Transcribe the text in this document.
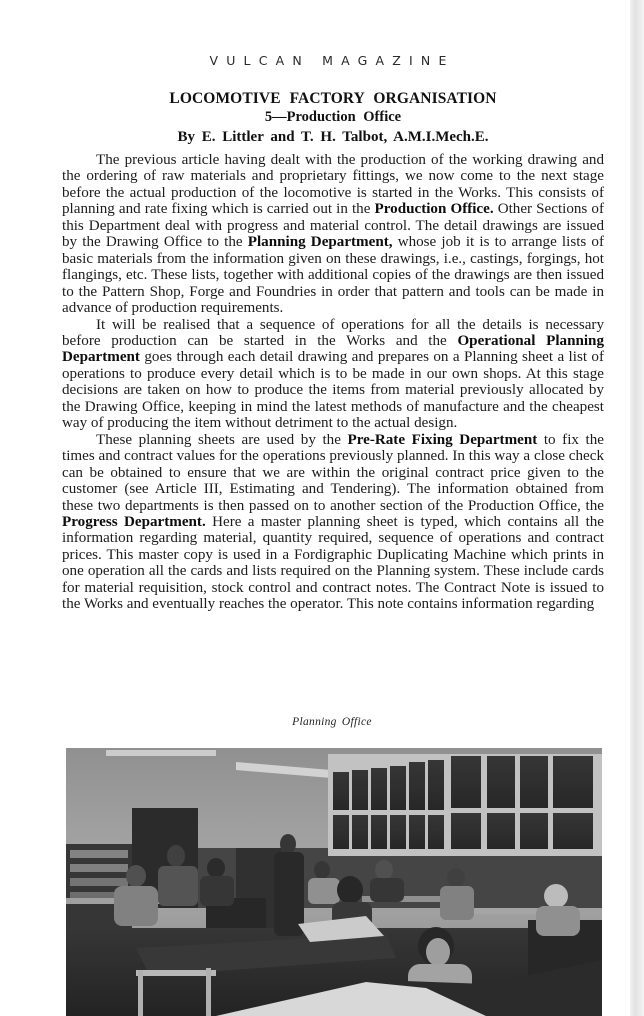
VULCAN MAGAZINE
LOCOMOTIVE FACTORY ORGANISATION
5—Production Office
By E. Littler and T. H. Talbot, A.M.I.Mech.E.

The previous article having dealt with the production of the working drawing and the ordering of raw materials and proprietary fittings, we now come to the next stage before the actual production of the locomotive is started in the Works. This consists of planning and rate fixing which is carried out in the Production Office. Other Sections of this Department deal with progress and material control. The detail drawings are issued by the Drawing Office to the Planning Department, whose job it is to arrange lists of basic materials from the information given on these drawings, i.e., castings, forgings, hot flangings, etc. These lists, together with additional copies of the drawings are then issued to the Pattern Shop, Forge and Foundries in order that pattern and tools can be made in advance of production requirements.

It will be realised that a sequence of operations for all the details is necessary before production can be started in the Works and the Operational Planning Department goes through each detail drawing and prepares on a Planning sheet a list of operations to produce every detail which is to be made in our own shops. At this stage decisions are taken on how to produce the items from material previously allocated by the Drawing Office, keeping in mind the latest methods of manufacture and the cheapest way of producing the item without detriment to the actual design.

These planning sheets are used by the Pre-Rate Fixing Department to fix the times and contract values for the operations previously planned. In this way a close check can be obtained to ensure that we are within the original contract price given to the customer (see Article III, Estimating and Tendering). The information obtained from these two departments is then passed on to another section of the Production Office, the Progress Department. Here a master planning sheet is typed, which contains all the information regarding material, quantity required, sequence of operations and contract prices. This master copy is used in a Fordigraphic Duplicating Machine which prints in one operation all the cards and lists required on the Planning system. These include cards for material requisition, stock control and contract notes. The Contract Note is issued to the Works and eventually reaches the operator. This note contains information regarding

Planning Office
